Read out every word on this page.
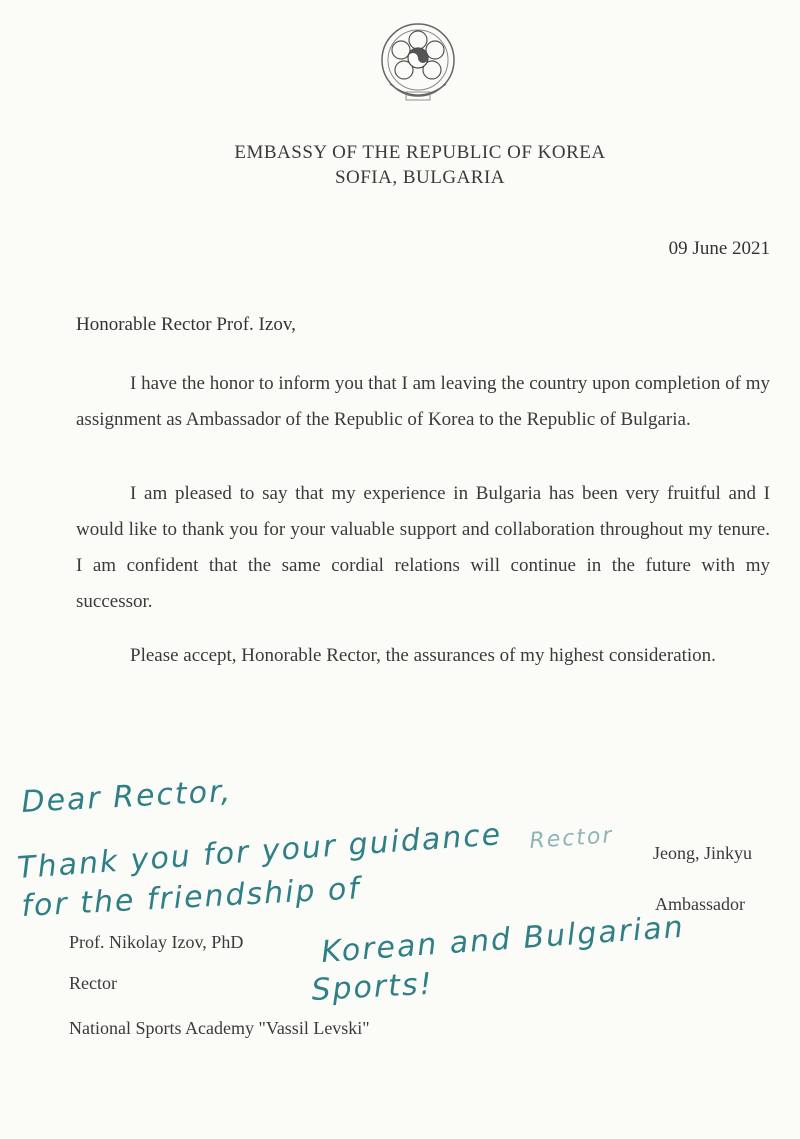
EMBASSY OF THE REPUBLIC OF KOREA
SOFIA, BULGARIA
09 June 2021
Honorable Rector Prof. Izov,
I have the honor to inform you that I am leaving the country upon completion of my assignment as Ambassador of the Republic of Korea to the Republic of Bulgaria.
I am pleased to say that my experience in Bulgaria has been very fruitful and I would like to thank you for your valuable support and collaboration throughout my tenure. I am confident that the same cordial relations will continue in the future with my successor.
Please accept, Honorable Rector, the assurances of my highest consideration.
Jeong, Jinkyu
Ambassador
Prof. Nikolay Izov, PhD
Rector
National Sports Academy "Vassil Levski"
Rector
Dear Rector,
Thank you for your guidance
for the friendship of
Korean and Bulgarian
Sports!
